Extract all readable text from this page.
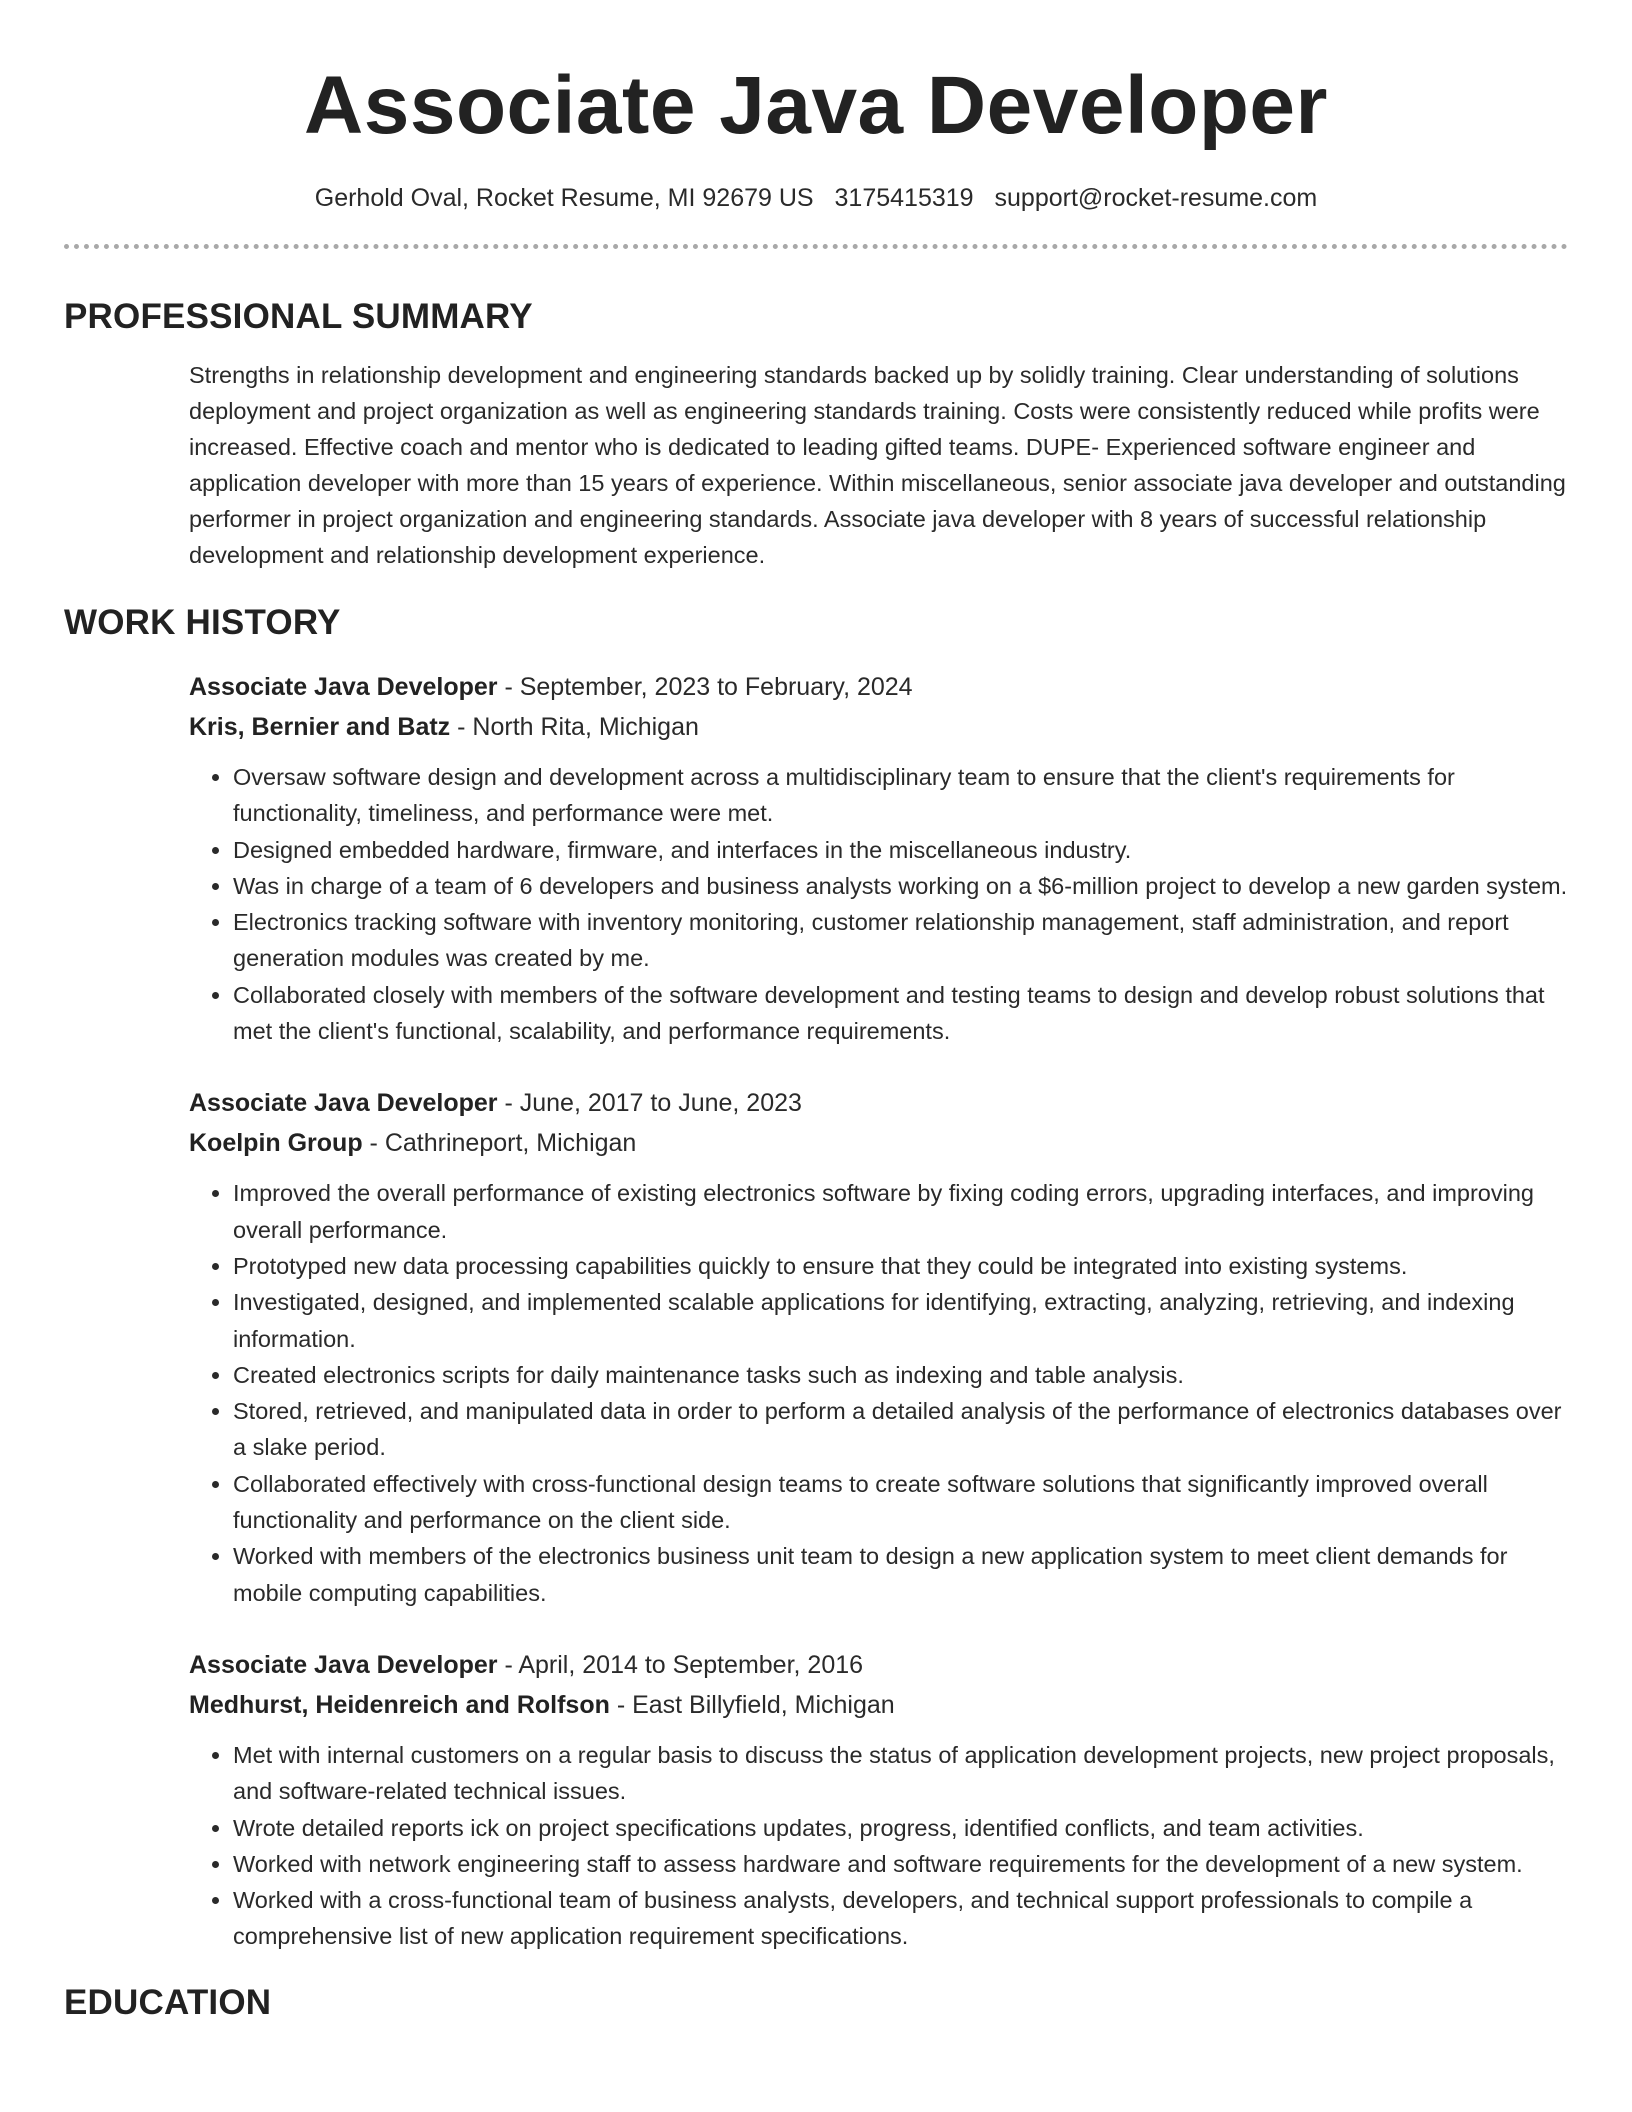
Associate Java Developer
Gerhold Oval, Rocket Resume, MI 92679 US 3175415319 support@rocket-resume.com
PROFESSIONAL SUMMARY

Strengths in relationship development and engineering standards backed up by solidly training. Clear understanding of solutions deployment and project organization as well as engineering standards training. Costs were consistently reduced while profits were increased. Effective coach and mentor who is dedicated to leading gifted teams. DUPE- Experienced software engineer and application developer with more than 15 years of experience. Within miscellaneous, senior associate java developer and outstanding performer in project organization and engineering standards. Associate java developer with 8 years of successful relationship development and relationship development experience.

WORK HISTORY
Associate Java Developer - September, 2023 to February, 2024
Kris, Bernier and Batz - North Rita, Michigan
• Oversaw software design and development across a multidisciplinary team to ensure that the client's requirements for functionality, timeliness, and performance were met.
• Designed embedded hardware, firmware, and interfaces in the miscellaneous industry.
• Was in charge of a team of 6 developers and business analysts working on a $6-million project to develop a new garden system.
• Electronics tracking software with inventory monitoring, customer relationship management, staff administration, and report generation modules was created by me.
• Collaborated closely with members of the software development and testing teams to design and develop robust solutions that met the client's functional, scalability, and performance requirements.
Associate Java Developer - June, 2017 to June, 2023
Koelpin Group - Cathrineport, Michigan
• Improved the overall performance of existing electronics software by fixing coding errors, upgrading interfaces, and improving overall performance.
• Prototyped new data processing capabilities quickly to ensure that they could be integrated into existing systems.
• Investigated, designed, and implemented scalable applications for identifying, extracting, analyzing, retrieving, and indexing information.
• Created electronics scripts for daily maintenance tasks such as indexing and table analysis.
• Stored, retrieved, and manipulated data in order to perform a detailed analysis of the performance of electronics databases over a slake period.
• Collaborated effectively with cross-functional design teams to create software solutions that significantly improved overall functionality and performance on the client side.
• Worked with members of the electronics business unit team to design a new application system to meet client demands for mobile computing capabilities.
Associate Java Developer - April, 2014 to September, 2016
Medhurst, Heidenreich and Rolfson - East Billyfield, Michigan
• Met with internal customers on a regular basis to discuss the status of application development projects, new project proposals, and software-related technical issues.
• Wrote detailed reports ick on project specifications updates, progress, identified conflicts, and team activities.
• Worked with network engineering staff to assess hardware and software requirements for the development of a new system.
• Worked with a cross-functional team of business analysts, developers, and technical support professionals to compile a comprehensive list of new application requirement specifications.
EDUCATION
